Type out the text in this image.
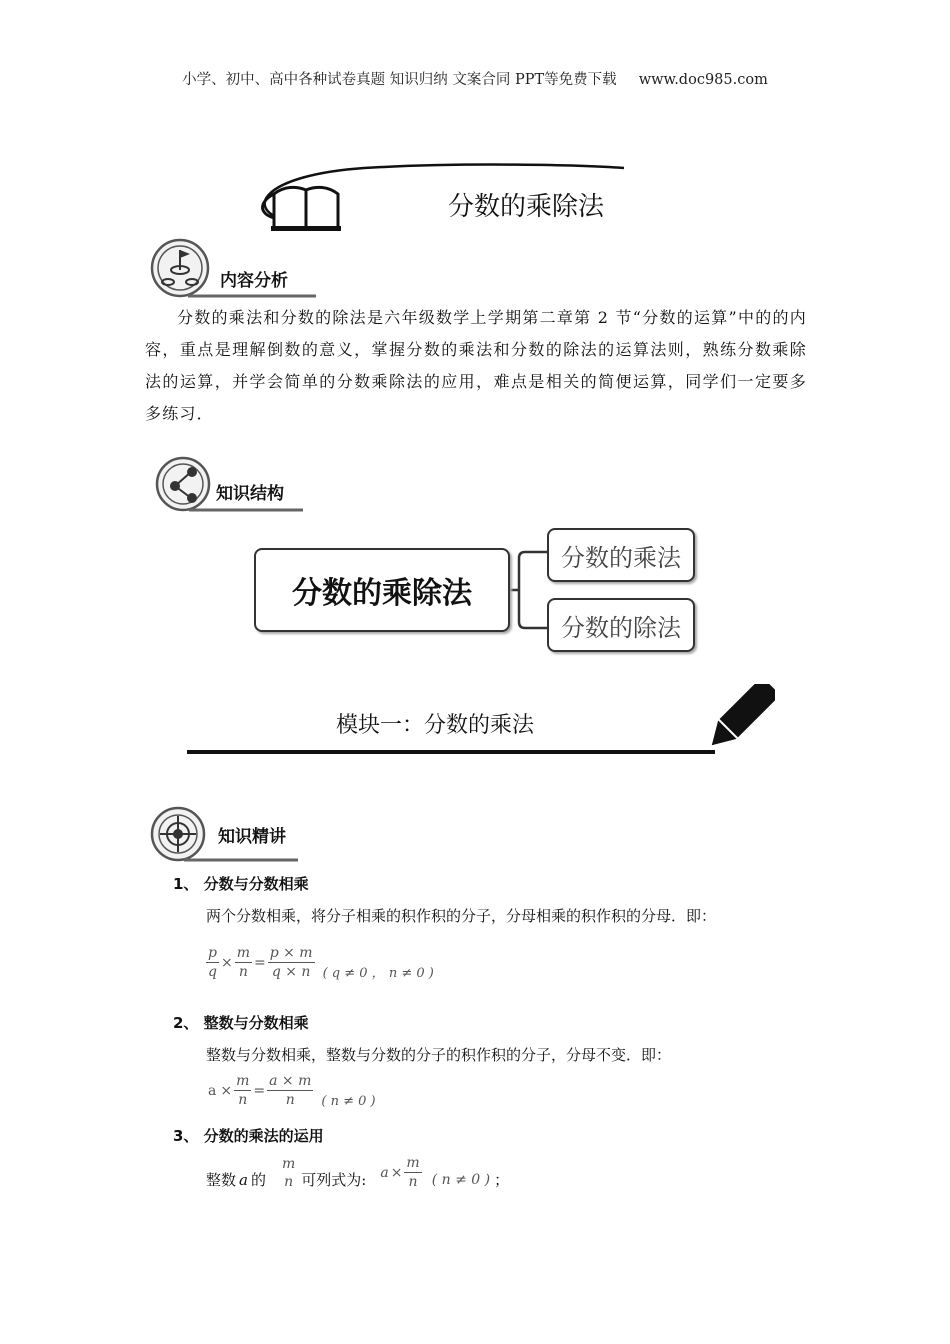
小学、初中、高中各种试卷真题 知识归纳 文案合同 PPT等免费下载 www.doc985.com
分数的乘除法
内容分析
分数的乘法和分数的除法是六年级数学上学期第二章第 2 节“分数的运算”中的的内容，重点是理解倒数的意义，掌握分数的乘法和分数的除法的运算法则，熟练分数乘除法的运算，并学会简单的分数乘除法的应用，难点是相关的简便运算，同学们一定要多多练习．
知识结构
分数的乘除法
分数的乘法
分数的除法
模块一：分数的乘法
知识精讲
1、 分数与分数相乘
两个分数相乘，将分子相乘的积作积的分子，分母相乘的积作积的分母．即：
$\frac{p}{q} \times \frac{m}{n} = \frac{p \times m}{q \times n}$ ( q ≠ 0 ， n ≠ 0 )
2、 整数与分数相乘
整数与分数相乘，整数与分数的分子的积作积的分子，分母不变．即：
$a \times \frac{m}{n} = \frac{a \times m}{n}$ ( n ≠ 0 )
3、 分数的乘法的运用
整数 a 的
m
n 可列式为: $a \times \frac{m}{n}$ ( n ≠ 0 ) ；
